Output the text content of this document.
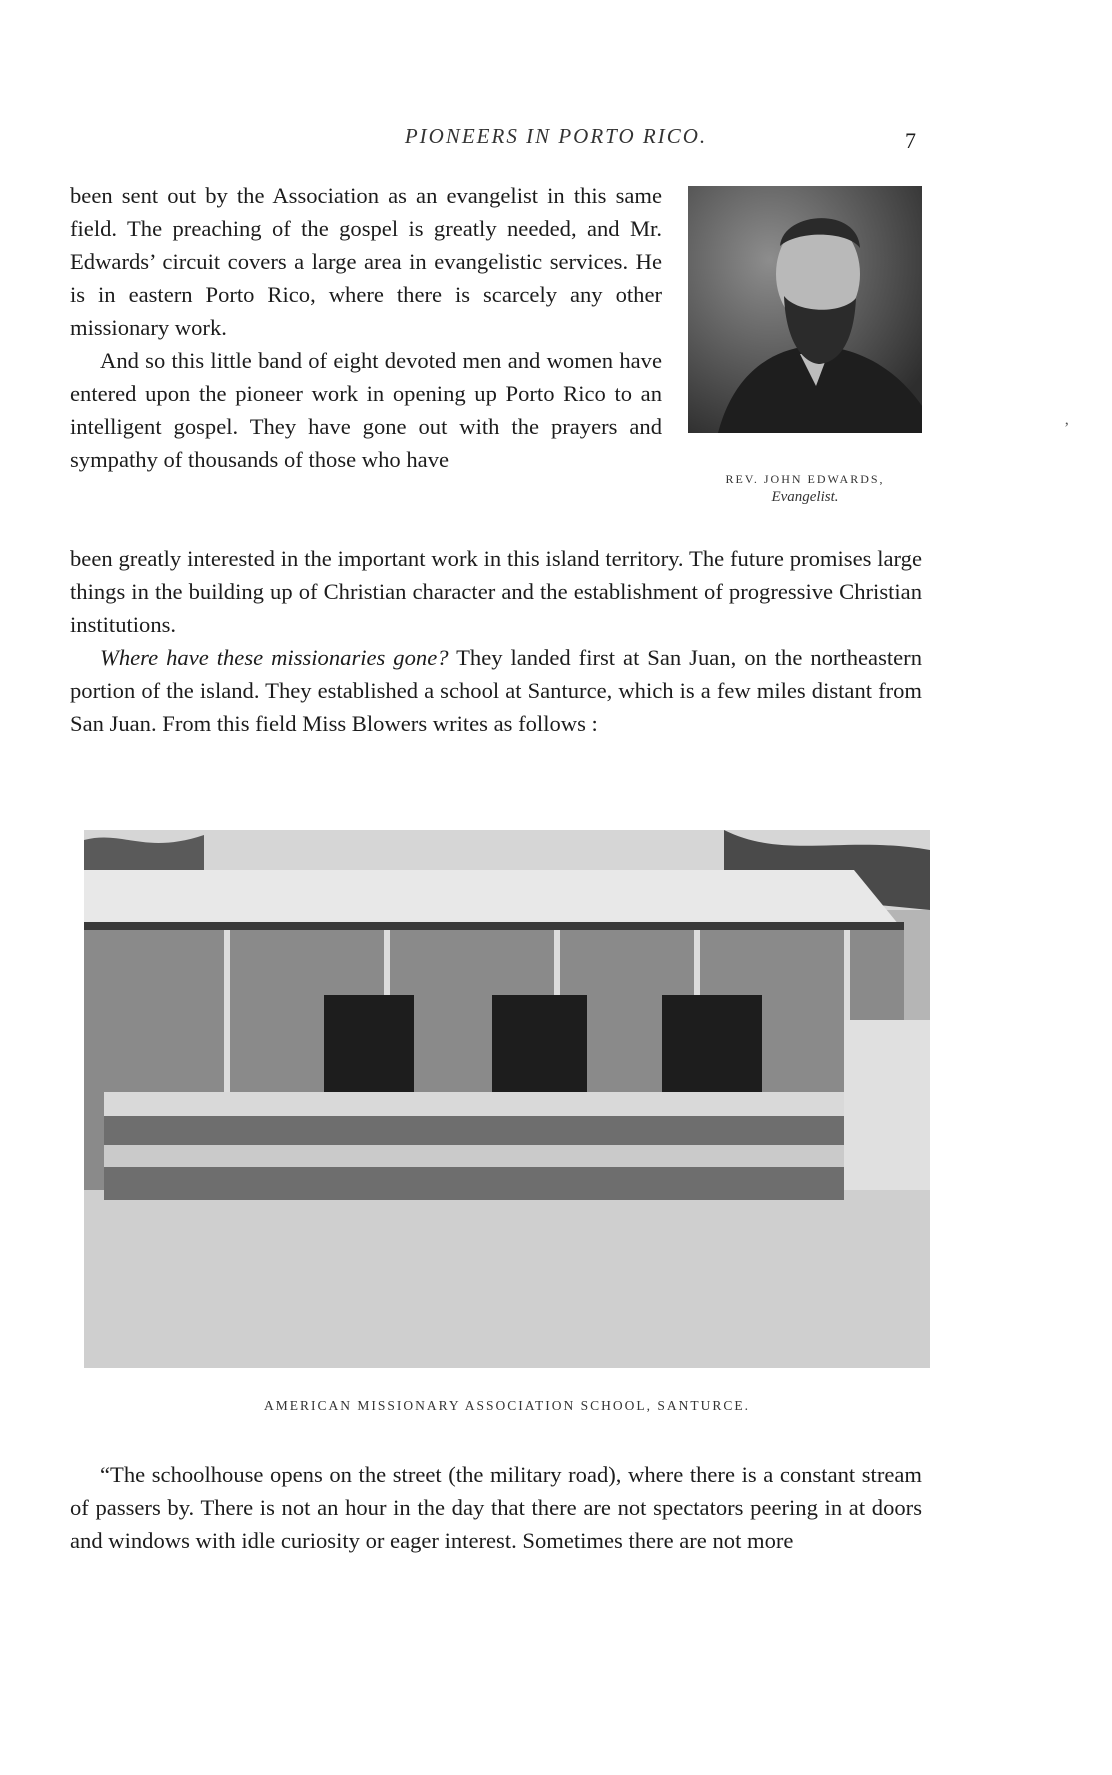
PIONEERS IN PORTO RICO.	7

been sent out by the Association as an evangelist in this same field. The preaching of the gospel is greatly needed, and Mr. Edwards’ circuit covers a large area in evangelistic services. He is in eastern Porto Rico, where there is scarcely any other missionary work.

And so this little band of eight devoted men and women have entered upon the pioneer work in opening up Porto Rico to an intelligent gospel. They have gone out with the prayers and sympathy of thousands of those who have

REV. JOHN EDWARDS,
Evangelist.
’

been greatly interested in the important work in this island territory. The future promises large things in the building up of Christian character and the establishment of progressive Christian institutions.

Where have these missionaries gone? They landed first at San Juan, on the northeastern portion of the island. They established a school at Santurce, which is a few miles distant from San Juan. From this field Miss Blowers writes as follows :

AMERICAN MISSIONARY ASSOCIATION SCHOOL, SANTURCE.

“The schoolhouse opens on the street (the military road), where there is a constant stream of passers by. There is not an hour in the day that there are not spectators peering in at doors and windows with idle curiosity or eager interest. Sometimes there are not more
